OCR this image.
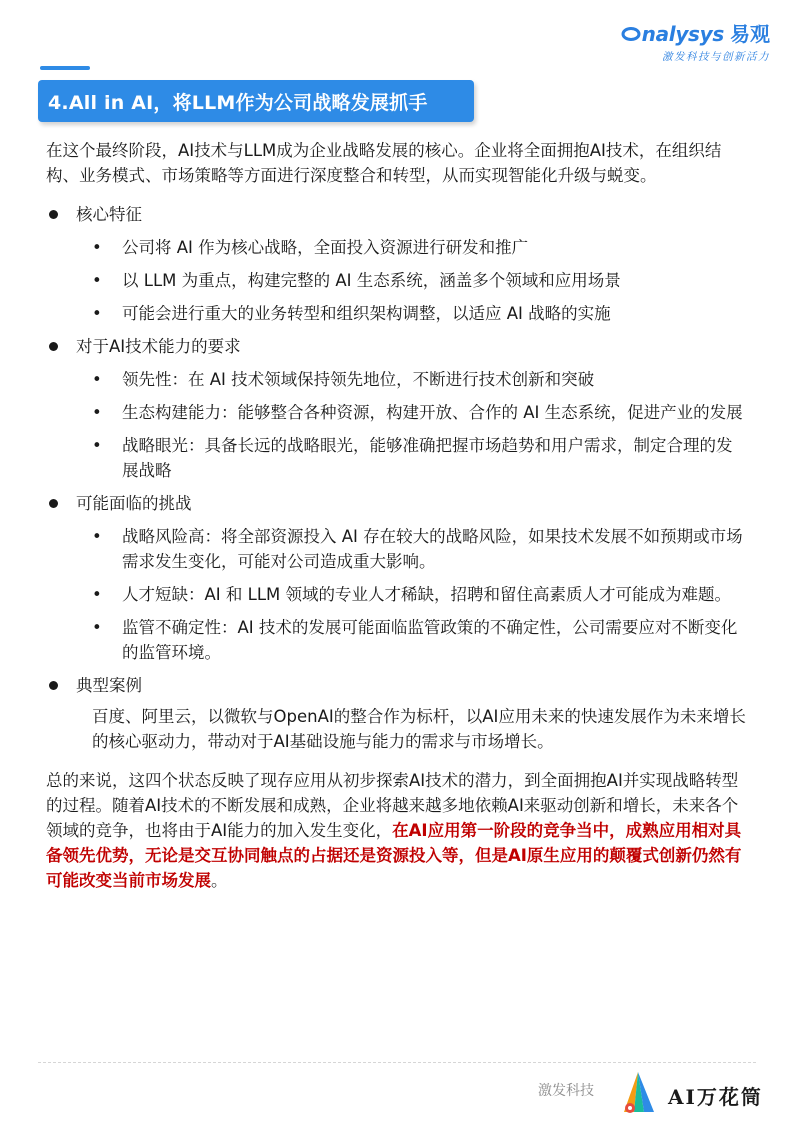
nalysys 易观
激发科技与创新活力
4.All in AI，将LLM作为公司战略发展抓手

在这个最终阶段，AI技术与LLM成为企业战略发展的核心。企业将全面拥抱AI技术，在组织结构、业务模式、市场策略等方面进行深度整合和转型，从而实现智能化升级与蜕变。

核心特征
•	公司将 AI 作为核心战略，全面投入资源进行研发和推广
•	以 LLM 为重点，构建完整的 AI 生态系统，涵盖多个领域和应用场景
•	可能会进行重大的业务转型和组织架构调整，以适应 AI 战略的实施
对于AI技术能力的要求
•	领先性：在 AI 技术领域保持领先地位，不断进行技术创新和突破
•	生态构建能力：能够整合各种资源，构建开放、合作的 AI 生态系统，促进产业的发展
•	战略眼光：具备长远的战略眼光，能够准确把握市场趋势和用户需求，制定合理的发展战略
可能面临的挑战
•	战略风险高：将全部资源投入 AI 存在较大的战略风险，如果技术发展不如预期或市场需求发生变化，可能对公司造成重大影响。
•	人才短缺：AI 和 LLM 领域的专业人才稀缺，招聘和留住高素质人才可能成为难题。
•	监管不确定性：AI 技术的发展可能面临监管政策的不确定性，公司需要应对不断变化的监管环境。
典型案例

百度、阿里云，以微软与OpenAI的整合作为标杆，以AI应用未来的快速发展作为未来增长的核心驱动力，带动对于AI基础设施与能力的需求与市场增长。

总的来说，这四个状态反映了现存应用从初步探索AI技术的潜力，到全面拥抱AI并实现战略转型的过程。随着AI技术的不断发展和成熟，企业将越来越多地依赖AI来驱动创新和增长，未来各个领域的竞争，也将由于AI能力的加入发生变化，在AI应用第一阶段的竞争当中，成熟应用相对具备领先优势，无论是交互协同触点的占据还是资源投入等，但是AI原生应用的颠覆式创新仍然有可能改变当前市场发展。

激发科技	AI万花筒
